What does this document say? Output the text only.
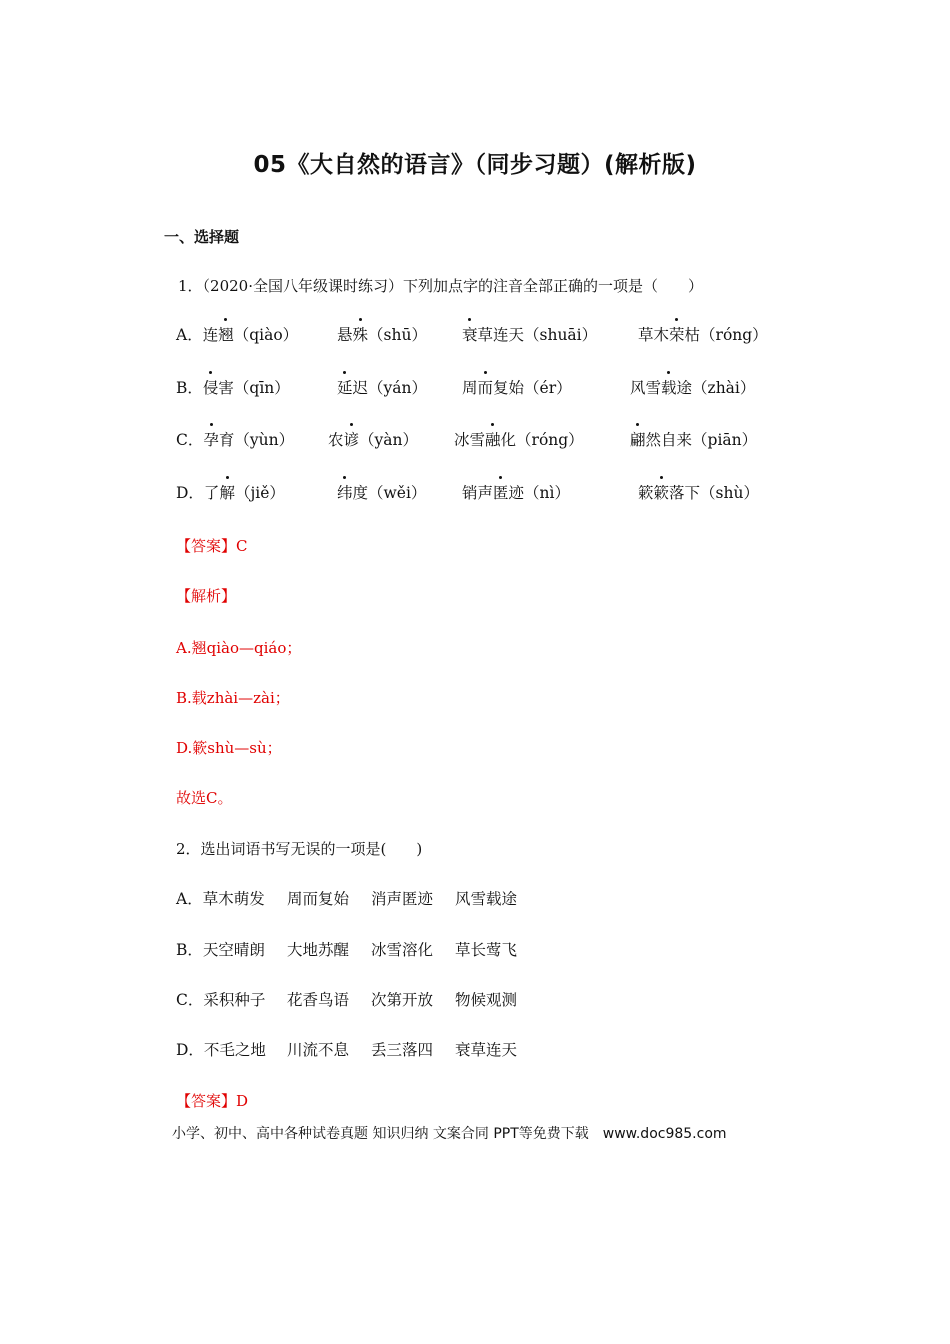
05《大自然的语言》（同步习题）(解析版)
一、选择题
1．（2020·全国八年级课时练习）下列加点字的注音全部正确的一项是（　　）
A．连翘（qiào）	悬殊（shū） 衰草连天（shuāi）	草木荣枯（róng）
B．侵害（qīn）	延迟（yán） 周而复始（ér）	风雪载途（zhài）
C．孕育（yùn） 农谚（yàn） 冰雪融化（róng）	翩然自来（piān）
D．了解（jiě）	纬度（wěi） 销声匿迹（nì）	簌簌落下（shù）
【答案】C
【解析】
A.翘qiào—qiáo；
B.载zhài—zài；
D.簌shù—sù；
故选C。
2．选出词语书写无误的一项是(　　)
A．草木萌发 周而复始 消声匿迹 风雪载途
B．天空晴朗 大地苏醒 冰雪溶化 草长莺飞
C．采积种子 花香鸟语 次第开放 物候观测
D．不毛之地 川流不息 丢三落四 衰草连天
【答案】D
小学、初中、高中各种试卷真题 知识归纳 文案合同 PPT等免费下载　www.doc985.com
